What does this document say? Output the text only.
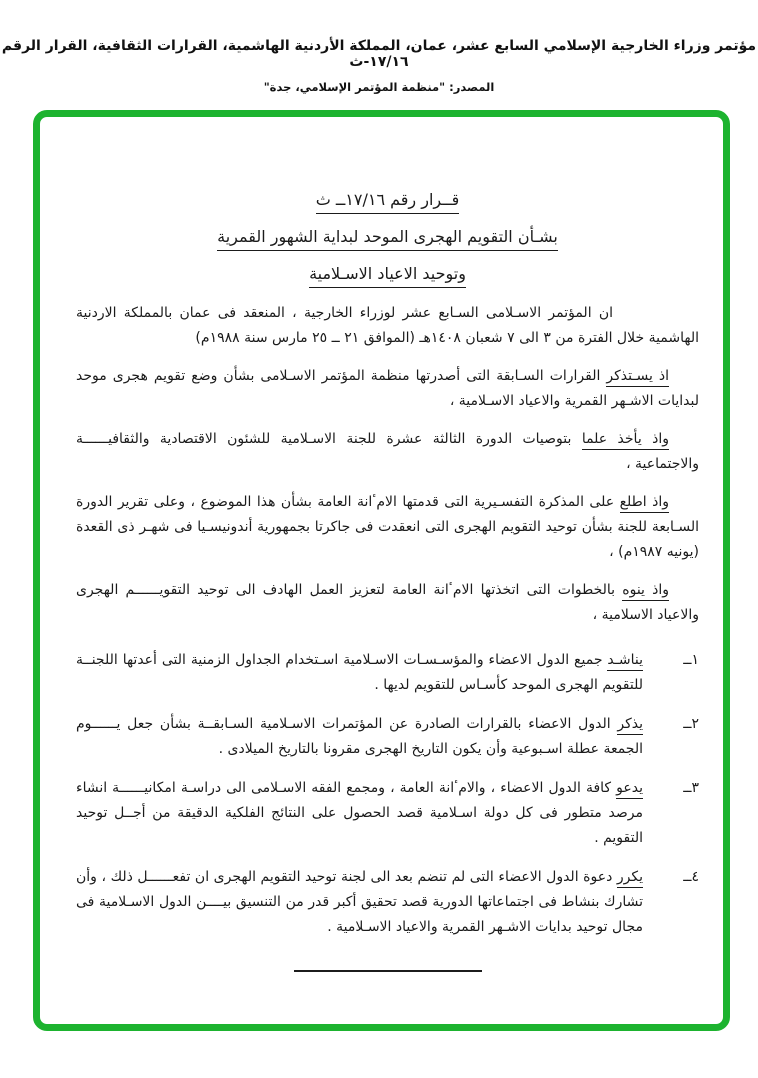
مؤتمر وزراء الخارجية الإسلامي السابع عشر، عمان، المملكة الأردنية الهاشمية، القرارات الثقافية، القرار الرقم ١٧/١٦-ث
المصدر: "منظمة المؤتمر الإسلامي، جدة"
قــرار رقم ١٧/١٦ــ ث
بشـأن التقويم الهجرى الموحد لبداية الشهور القمرية
وتوحيد الاعياد الاسـلامية

ان المؤتمر الاسـلامى السـابع عشر لوزراء الخارجية ، المنعقد فى عمان بالمملكة الاردنية الهاشمية خلال الفترة من ٣ الى ٧ شعبان ١٤٠٨هـ (الموافق ٢١ ــ ٢٥ مارس سنة ١٩٨٨م)

اذ يسـتذكر القرارات السـابقة التى أصدرتها منظمة المؤتمر الاسـلامى بشأن وضع تقويم هجرى موحد لبدايات الاشـهر القمرية والاعياد الاسـلامية ،

واذ يأخذ علما بتوصيات الدورة الثالثة عشرة للجنة الاسـلامية للشئون الاقتصادية والثقافيــــــة والاجتماعية ،

واذ اطلع على المذكرة التفسـيرية التى قدمتها الامٴانة العامة بشأن هذا الموضوع ، وعلى تقرير الدورة السـابعة للجنة بشأن توحيد التقويم الهجرى التى انعقدت فى جاكرتا بجمهورية أندونيسـيا فى شهـر ذى القعدة (يونيه ١٩٨٧م) ،

واذ ينوه بالخطوات التى اتخذتها الامٴانة العامة لتعزيز العمل الهادف الى توحيد التقويــــــم الهجرى والاعياد الاسلامية ،

١ــ
يناشـد جميع الدول الاعضاء والمؤسـسـات الاسـلامية اسـتخدام الجداول الزمنية التى أعدتها اللجنــة للتقويم الهجرى الموحد كأسـاس للتقويم لديها .
٢ــ
يذكر الدول الاعضاء بالقرارات الصادرة عن المؤتمرات الاسـلامية السـابقــة بشأن جعل يــــــوم الجمعة عطلة اسـبوعية وأن يكون التاريخ الهجرى مقرونا بالتاريخ الميلادى .
٣ــ
يدعو كافة الدول الاعضاء ، والامٴانة العامة ، ومجمع الفقه الاسـلامى الى دراسـة امكانيــــــة انشاء مرصد متطور فى كل دولة اسـلامية قصد الحصول على النتائج الفلكية الدقيقة من أجــل توحيد التقويم .
٤ــ
يكرر دعوة الدول الاعضاء التى لم تنضم بعد الى لجنة توحيد التقويم الهجرى ان تفعــــــل ذلك ، وأن تشارك بنشاط فى اجتماعاتها الدورية قصد تحقيق أكبر قدر من التنسيق بيــــن الدول الاسـلامية فى مجال توحيد بدايات الاشـهر القمرية والاعياد الاسـلامية .
